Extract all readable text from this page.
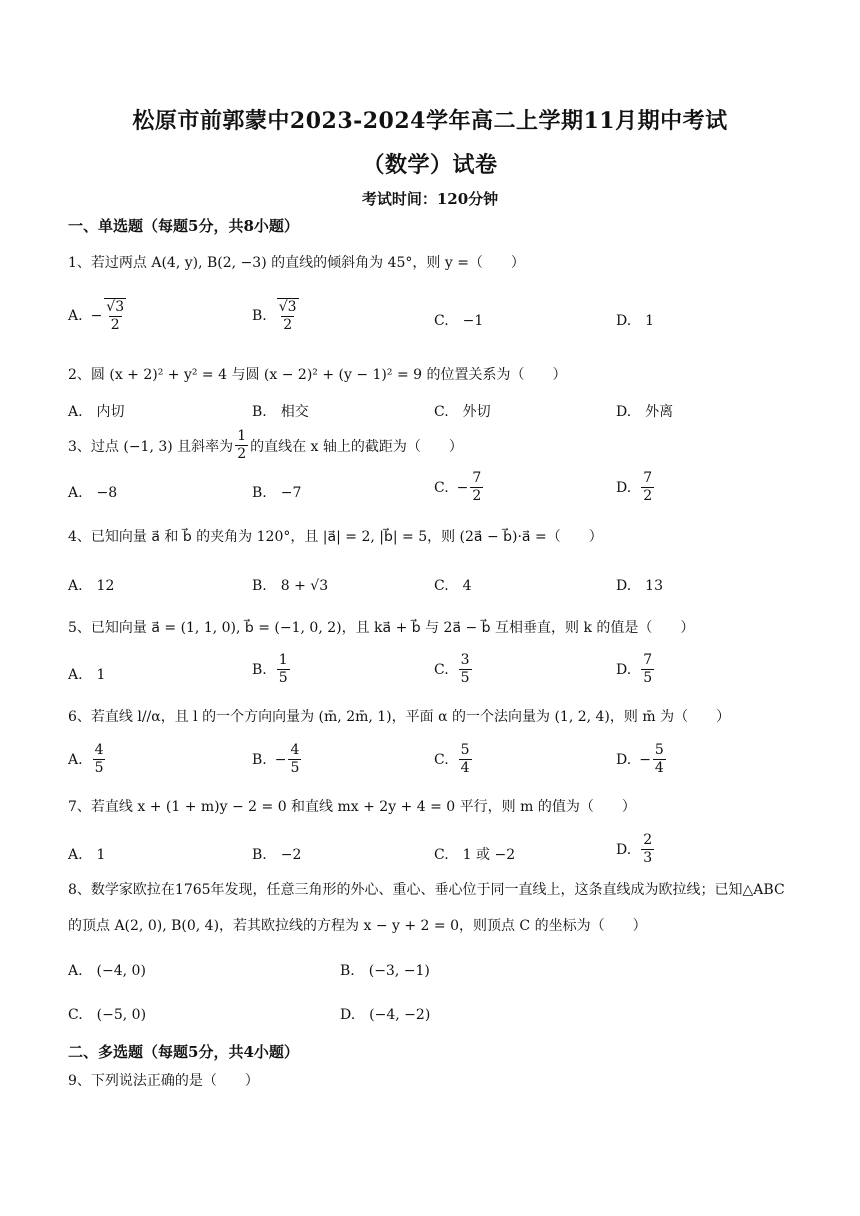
松原市前郭蒙中2023-2024学年高二上学期11月期中考试
（数学）试卷
考试时间：120分钟
一、单选题（每题5分，共8小题）
1、若过两点 A(4, y), B(2, −3) 的直线的倾斜角为 45°，则 y =（　　）
A. − $\frac{√3}{2}$	B. $\frac{√3}{2}$	C.　−1	D.　1
2、圆 (x + 2)² + y² = 4 与圆 (x − 2)² + (y − 1)² = 9 的位置关系为（　　）
A.　内切	B.　相交	C.　外切	D.　外离
3、过点 (−1, 3) 且斜率为 $\frac{1}{2}$ 的直线在 x 轴上的截距为（　　）
A.　−8	B.　−7	C. − $\frac{7}{2}$	D. $\frac{7}{2}$
4、已知向量 a⃗ 和 b⃗ 的夹角为 120°，且 |a⃗| = 2, |b⃗| = 5，则 (2a⃗ − b⃗)·a⃗ =（　　）
A.　12	B.　8 + √3	C.　4	D.　13
5、已知向量 a⃗ = (1, 1, 0), b⃗ = (−1, 0, 2)，且 ka⃗ + b⃗ 与 2a⃗ − b⃗ 互相垂直，则 k 的值是（　　）
A.　1	B. $\frac{1}{5}$	C. $\frac{3}{5}$	D. $\frac{7}{5}$
6、若直线 l//α，且 l 的一个方向向量为 (m̄, 2m̄, 1)，平面 α 的一个法向量为 (1, 2, 4)，则 m̄ 为（　　）
A. $\frac{4}{5}$	B. − $\frac{4}{5}$	C. $\frac{5}{4}$	D. − $\frac{5}{4}$
7、若直线 x + (1 + m)y − 2 = 0 和直线 mx + 2y + 4 = 0 平行，则 m 的值为（　　）
A.　1	B.　−2	C.　1 或 −2	D. $\frac{2}{3}$
8、数学家欧拉在1765年发现，任意三角形的外心、重心、垂心位于同一直线上，这条直线成为欧拉线；已知△ABC 的顶点 A(2, 0), B(0, 4)，若其欧拉线的方程为 x − y + 2 = 0，则顶点 C 的坐标为（　　）
A.　(−4, 0)	B.　(−3, −1)
C.　(−5, 0)	D.　(−4, −2)
二、多选题（每题5分，共4小题）
9、下列说法正确的是（　　）
